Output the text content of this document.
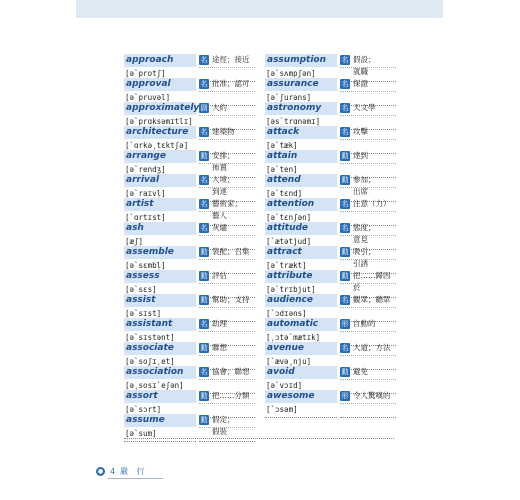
approach	名 途徑；接近
[ə`protʃ]
approval	名 批准；認可
[ə`pruvəl]
approximately 副 大約
[ə`prɑksəmɪtlɪ]
architecture	名 建築物
[`ɑrkə͵tɛktʃə]
arrange	動 安排；
佈置
[ə`rendʒ]
arrival	名 入境；
到達
[ə`raɪvḷ]
artist	名 藝術家；
藝人
[`ɑrtɪst]
ash	名 灰燼
[æʃ]
assemble	動 裝配；召集
[ə`sɛmbḷ]
assess	動 評估
[ə`sɛs]
assist	動 幫助；支持
[ə`sɪst]
assistant	名 助理
[ə`sɪstənt]
associate	動 聯想
[ə`soʃɪ͵et]
association	名 協會；聯想
[ə͵sosɪ`eʃən]
assort	動 把……分類
[ə`sɔrt]
assume	動 假定；
假裝
[ə`sum]
assumption	名 假設；
就職
[ə`sʌmpʃən]
assurance	名 保證
[ə`ʃurəns]
astronomy	名 天文學
[əs`trɑnəmɪ]
attack	名 攻擊
[ə`tæk]
attain	動 達到
[ə`ten]
attend	動 參加；
出席
[ə`tɛnd]
attention	名 注意（力）
[ə`tɛnʃən]
attitude	名 態度；
意見
[`ætətjud]
attract	動 吸引；
引誘
[ə`trækt]
attribute	動 把……歸因
於
[ə`trɪbjut]
audience	名 觀眾；聽眾
[`ɔdɪəns]
automatic	形 自動的
[͵ɔtə`mætɪk]
avenue	名 大道；方法
[`ævə͵nju]
avoid	動 避免
[ə`vɔɪd]
awesome	形 令人驚嘆的
[`ɔsəm]
● 4 嚴 行
